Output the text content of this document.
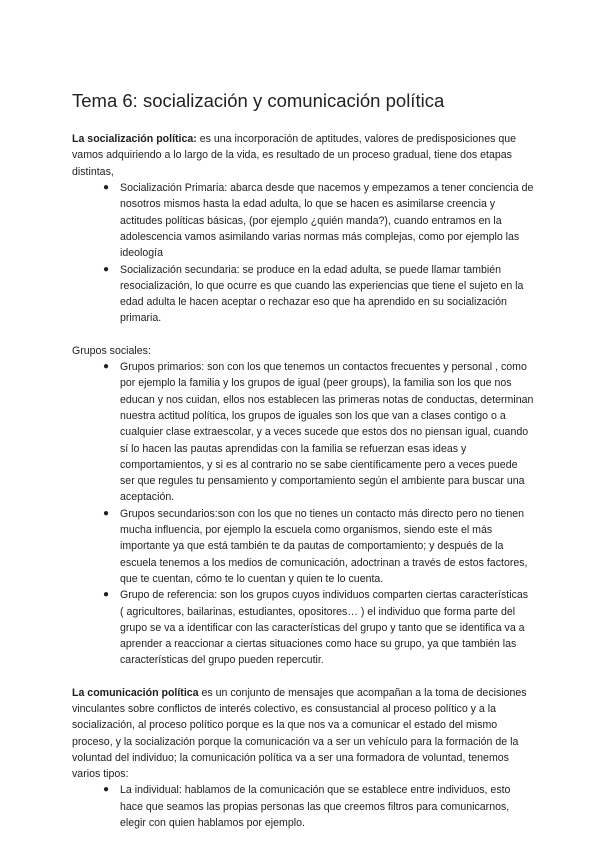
Tema 6: socialización y comunicación política

La socialización política: es una incorporación de aptitudes, valores de predisposiciones que vamos adquiriendo a lo largo de la vida, es resultado de un proceso gradual, tiene dos etapas distintas,

● Socialización Primaria: abarca desde que nacemos y empezamos a tener conciencia de nosotros mismos hasta la edad adulta, lo que se hacen es asimilarse creencia y actitudes políticas básicas, (por ejemplo ¿quién manda?), cuando entramos en la adolescencia vamos asimilando varias normas más complejas, como por ejemplo las ideología
● Socialización secundaria: se produce en la edad adulta, se puede llamar también resocialización, lo que ocurre es que cuando las experiencias que tiene el sujeto en la edad adulta le hacen aceptar o rechazar eso que ha aprendido en su socialización primaria.

Grupos sociales:

● Grupos primarios: son con los que tenemos un contactos frecuentes y personal , como por ejemplo la familia y los grupos de igual (peer groups), la familia son los que nos educan y nos cuidan, ellos nos establecen las primeras notas de conductas, determinan nuestra actitud política, los grupos de iguales son los que van a clases contigo o a cualquier clase extraescolar, y a veces sucede que estos dos no piensan igual, cuando sí lo hacen las pautas aprendidas con la familia se refuerzan esas ideas y comportamientos, y si es al contrario no se sabe científicamente pero a veces puede ser que regules tu pensamiento y comportamiento según el ambiente para buscar una aceptación.
● Grupos secundarios:son con los que no tienes un contacto más directo pero no tienen mucha influencia, por ejemplo la escuela como organismos, siendo este el más importante ya que está también te da pautas de comportamiento; y después de la escuela tenemos a los medios de comunicación, adoctrinan a través de estos factores, que te cuentan, cómo te lo cuentan y quien te lo cuenta.
● Grupo de referencia: son los grupos cuyos individuos comparten ciertas características ( agricultores, bailarinas, estudiantes, opositores… ) el individuo que forma parte del grupo se va a identificar con las características del grupo y tanto que se identifica va a aprender a reaccionar a ciertas situaciones como hace su grupo, ya que también las características del grupo pueden repercutir.

La comunicación política es un conjunto de mensajes que acompañan a la toma de decisiones vinculantes sobre conflictos de interés colectivo, es consustancial al proceso político y a la socialización, al proceso político porque es la que nos va a comunicar el estado del mismo proceso, y la socialización porque la comunicación va a ser un vehículo para la formación de la voluntad del individuo; la comunicación política va a ser una formadora de voluntad, tenemos varios tipos:

● La individual: hablamos de la comunicación que se establece entre individuos, esto hace que seamos las propias personas las que creemos filtros para comunicarnos, elegir con quien hablamos por ejemplo.
